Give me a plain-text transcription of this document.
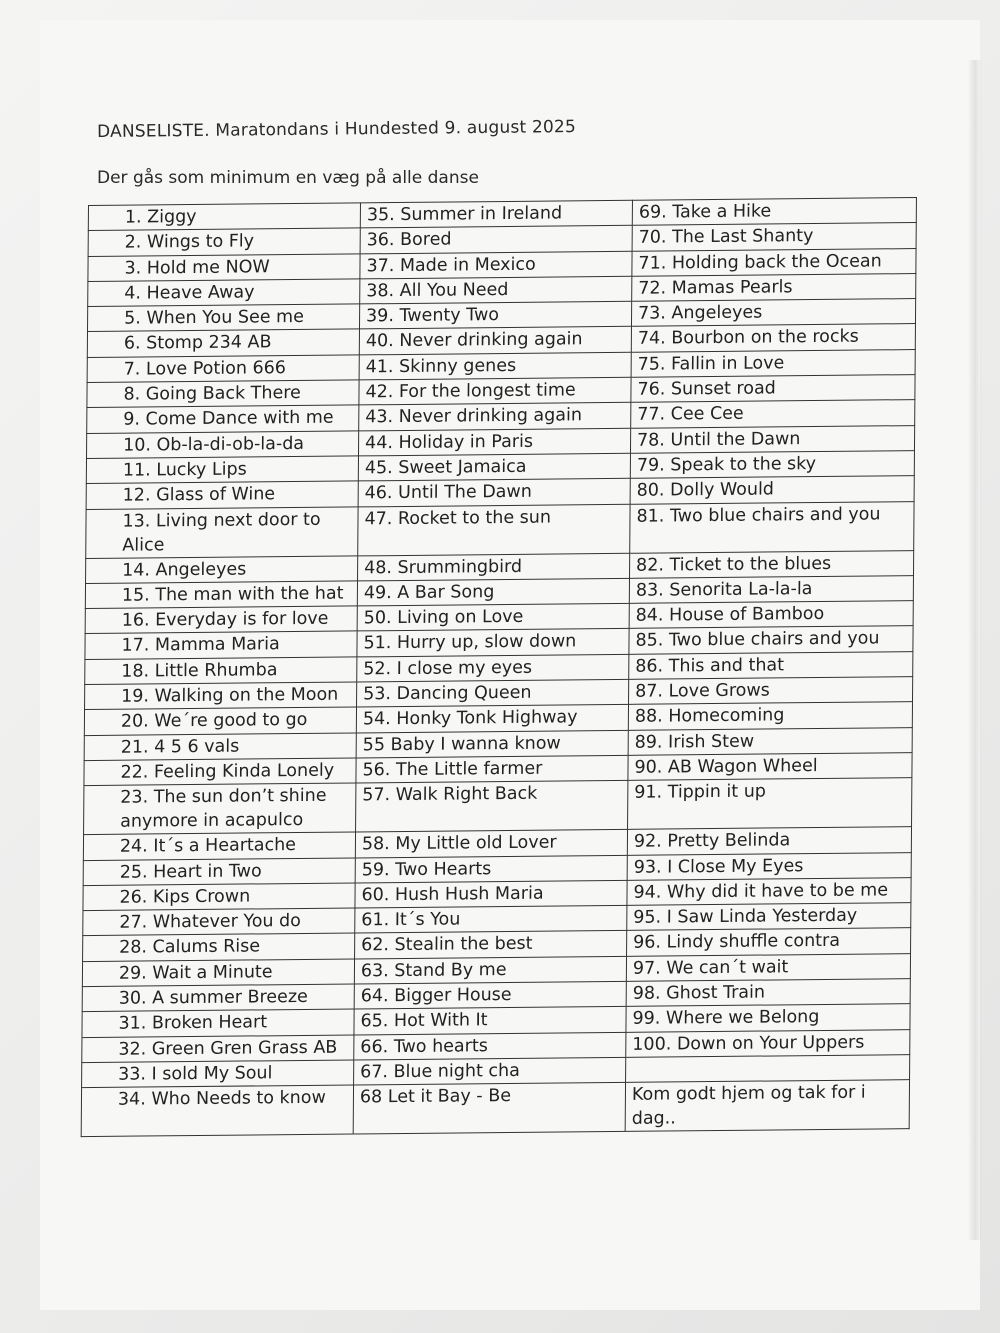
DANSELISTE. Maratondans i Hundested 9. august 2025
Der gås som minimum en væg på alle danse
1. Ziggy	35. Summer in Ireland	69. Take a Hike
2. Wings to Fly	36. Bored	70. The Last Shanty
3. Hold me NOW	37. Made in Mexico	71. Holding back the Ocean
4. Heave Away	38. All You Need	72. Mamas Pearls
5. When You See me	39. Twenty Two	73. Angeleyes
6. Stomp 234 AB	40. Never drinking again	74. Bourbon on the rocks
7. Love Potion 666	41. Skinny genes	75. Fallin in Love
8. Going Back There	42. For the longest time	76. Sunset road
9. Come Dance with me	43. Never drinking again	77. Cee Cee
10. Ob-la-di-ob-la-da	44. Holiday in Paris	78. Until the Dawn
11. Lucky Lips	45. Sweet Jamaica	79. Speak to the sky
12. Glass of Wine	46. Until The Dawn	80. Dolly Would
13. Living next door to Alice	47. Rocket to the sun	81. Two blue chairs and you
14. Angeleyes	48. Srummingbird	82. Ticket to the blues
15. The man with the hat	49. A Bar Song	83. Senorita La-la-la
16. Everyday is for love	50. Living on Love	84. House of Bamboo
17. Mamma Maria	51. Hurry up, slow down	85. Two blue chairs and you
18. Little Rhumba	52. I close my eyes	86. This and that
19. Walking on the Moon	53. Dancing Queen	87. Love Grows
20. We´re good to go	54. Honky Tonk Highway	88. Homecoming
21. 4 5 6 vals	55 Baby I wanna know	89. Irish Stew
22. Feeling Kinda Lonely	56. The Little farmer	90. AB Wagon Wheel
23. The sun don’t shine anymore in acapulco	57. Walk Right Back	91. Tippin it up
24. It´s a Heartache	58. My Little old Lover	92. Pretty Belinda
25. Heart in Two	59. Two Hearts	93. I Close My Eyes
26. Kips Crown	60. Hush Hush Maria	94. Why did it have to be me
27. Whatever You do	61. It´s You	95. I Saw Linda Yesterday
28. Calums Rise	62. Stealin the best	96. Lindy shuffle contra
29. Wait a Minute	63. Stand By me	97. We can´t wait
30. A summer Breeze	64. Bigger House	98. Ghost Train
31. Broken Heart	65. Hot With It	99. Where we Belong
32. Green Gren Grass AB	66. Two hearts	100. Down on Your Uppers
33. I sold My Soul	67. Blue night cha	
34. Who Needs to know	68 Let it Bay - Be	Kom godt hjem og tak for i dag..
